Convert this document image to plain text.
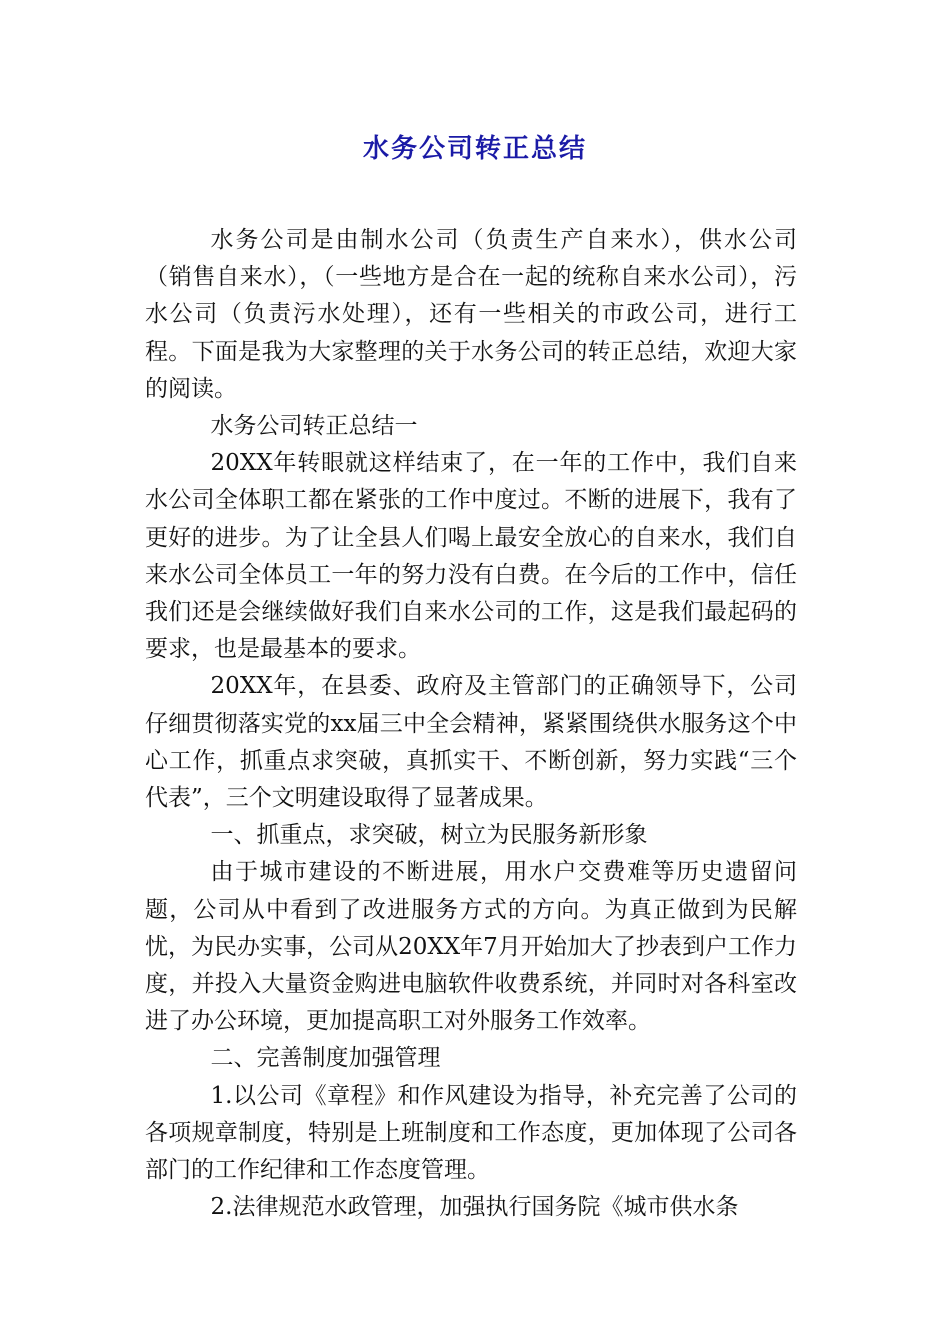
水务公司转正总结

水务公司是由制水公司（负责生产自来水），供水公司（销售自来水），（一些地方是合在一起的统称自来水公司），污水公司（负责污水处理），还有一些相关的市政公司，进行工程。下面是我为大家整理的关于水务公司的转正总结，欢迎大家的阅读。

水务公司转正总结一

20XX年转眼就这样结束了，在一年的工作中，我们自来水公司全体职工都在紧张的工作中度过。不断的进展下，我有了更好的进步。为了让全县人们喝上最安全放心的自来水，我们自来水公司全体员工一年的努力没有白费。在今后的工作中，信任我们还是会继续做好我们自来水公司的工作，这是我们最起码的要求，也是最基本的要求。

20XX年，在县委、政府及主管部门的正确领导下，公司仔细贯彻落实党的xx届三中全会精神，紧紧围绕供水服务这个中心工作，抓重点求突破，真抓实干、不断创新，努力实践“三个代表”，三个文明建设取得了显著成果。

一、抓重点，求突破，树立为民服务新形象

由于城市建设的不断进展，用水户交费难等历史遗留问题，公司从中看到了改进服务方式的方向。为真正做到为民解忧，为民办实事，公司从20XX年7月开始加大了抄表到户工作力度，并投入大量资金购进电脑软件收费系统，并同时对各科室改进了办公环境，更加提高职工对外服务工作效率。

二、完善制度加强管理

1.以公司《章程》和作风建设为指导，补充完善了公司的各项规章制度，特别是上班制度和工作态度，更加体现了公司各部门的工作纪律和工作态度管理。

2.法律规范水政管理，加强执行国务院《城市供水条
